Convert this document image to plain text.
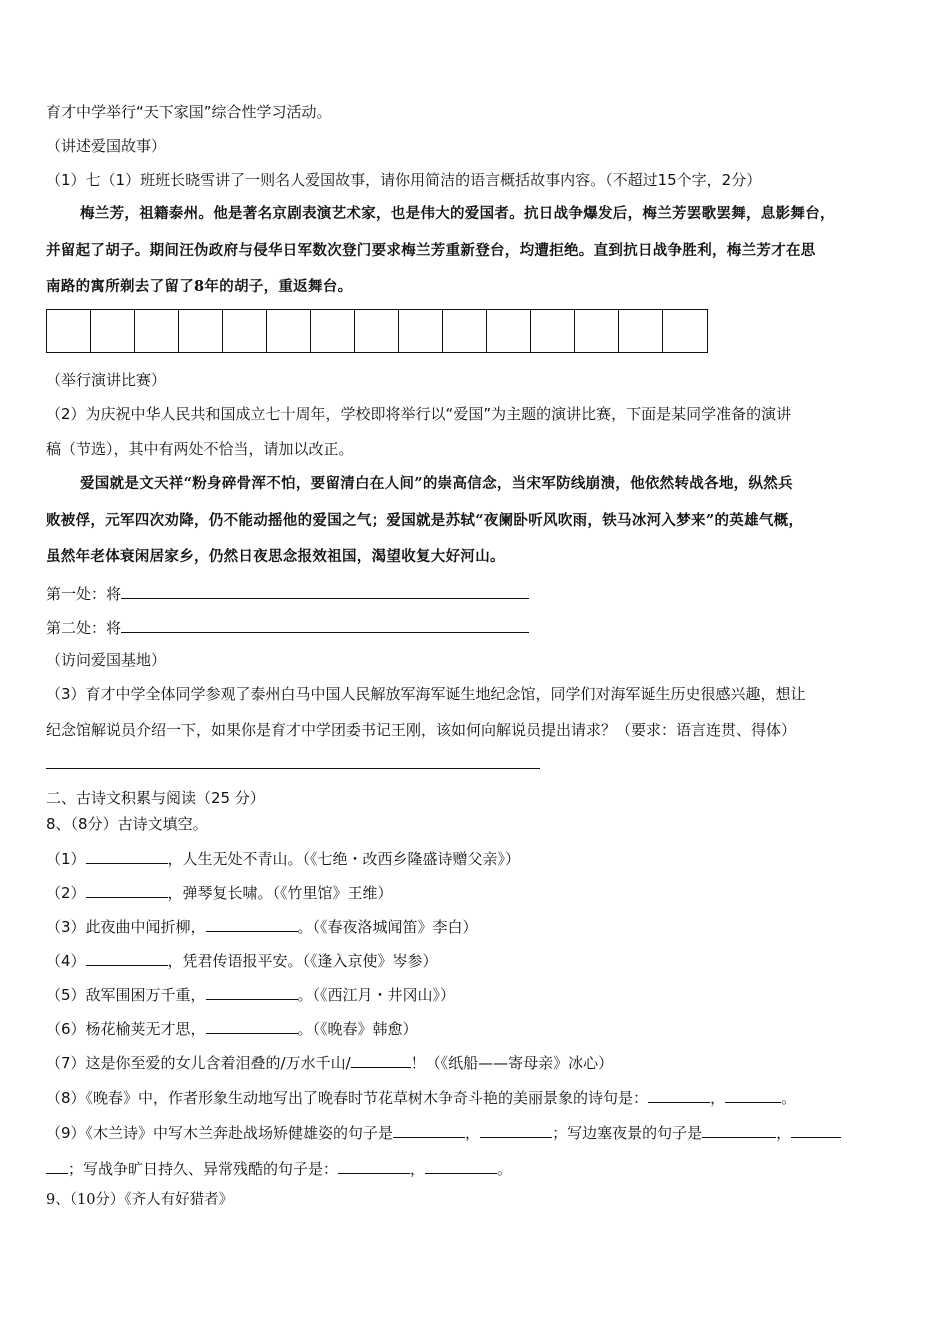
育才中学举行“天下家国”综合性学习活动。
（讲述爱国故事）
（1）七（1）班班长晓雪讲了一则名人爱国故事，请你用简洁的语言概括故事内容。（不超过15个字，2分）
梅兰芳，祖籍泰州。他是著名京剧表演艺术家，也是伟大的爱国者。抗日战争爆发后，梅兰芳罢歌罢舞，息影舞台，
并留起了胡子。期间汪伪政府与侵华日军数次登门要求梅兰芳重新登台，均遭拒绝。直到抗日战争胜利，梅兰芳才在思
南路的寓所剃去了留了8年的胡子，重返舞台。
（举行演讲比赛）
（2）为庆祝中华人民共和国成立七十周年，学校即将举行以“爱国”为主题的演讲比赛，下面是某同学准备的演讲
稿（节选），其中有两处不恰当，请加以改正。
爱国就是文天祥“粉身碎骨浑不怕，要留清白在人间”的崇高信念，当宋军防线崩溃，他依然转战各地，纵然兵
败被俘，元军四次劝降，仍不能动摇他的爱国之气；爱国就是苏轼“夜阑卧听风吹雨，铁马冰河入梦来”的英雄气概，
虽然年老体衰闲居家乡，仍然日夜思念报效祖国，渴望收复大好河山。
第一处：将
第二处：将
（访问爱国基地）
（3）育才中学全体同学参观了泰州白马中国人民解放军海军诞生地纪念馆，同学们对海军诞生历史很感兴趣，想让
纪念馆解说员介绍一下，如果你是育才中学团委书记王刚，该如何向解说员提出请求？（要求：语言连贯、得体）
二、古诗文积累与阅读（25 分）
8、（8分）古诗文填空。
（1）	，人生无处不青山。（《七绝・改西乡隆盛诗赠父亲》）
（2）	，弹琴复长啸。（《竹里馆》王维）
（3）此夜曲中闻折柳，	。（《春夜洛城闻笛》李白）
（4）	，凭君传语报平安。（《逢入京使》岑参）
（5）敌军围困万千重，	。（《西江月・井冈山》）
（6）杨花榆荚无才思，	。（《晚春》韩愈）
（7）这是你至爱的女儿含着泪叠的/万水千山/	！（《纸船——寄母亲》冰心）
（8）《晚春》中，作者形象生动地写出了晚春时节花草树木争奇斗艳的美丽景象的诗句是：	，	。
（9）《木兰诗》中写木兰奔赴战场矫健雄姿的句子是	，	；写边塞夜景的句子是	，
；写战争旷日持久、异常残酷的句子是：	，	。
9、（10分）《齐人有好猎者》
